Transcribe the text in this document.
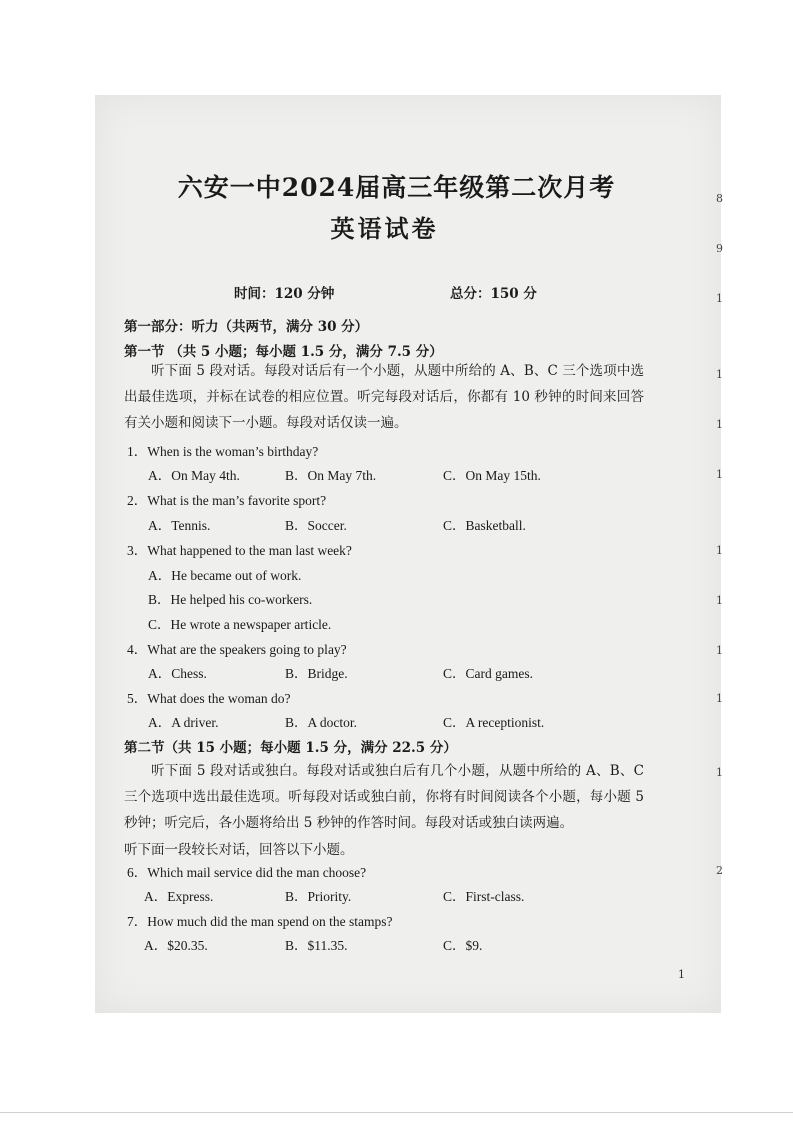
六安一中2024届高三年级第二次月考
英语试卷
时间：120 分钟	总分：150 分
第一部分：听力（共两节，满分 30 分）
第一节 （共 5 小题；每小题 1.5 分，满分 7.5 分）
听下面 5 段对话。每段对话后有一个小题，从题中所给的 A、B、C 三个选项中选出最佳选项，并标在试卷的相应位置。听完每段对话后，你都有 10 秒钟的时间来回答有关小题和阅读下一小题。每段对话仅读一遍。
1．When is the woman’s birthday?
A．On May 4th.	B．On May 7th.	C．On May 15th.
2．What is the man’s favorite sport?
A．Tennis.	B．Soccer.	C．Basketball.
3．What happened to the man last week?
A．He became out of work.
B．He helped his co-workers.
C．He wrote a newspaper article.
4．What are the speakers going to play?
A．Chess.	B．Bridge.	C．Card games.
5．What does the woman do?
A．A driver.	B．A doctor.	C．A receptionist.
第二节（共 15 小题；每小题 1.5 分，满分 22.5 分）
听下面 5 段对话或独白。每段对话或独白后有几个小题，从题中所给的 A、B、C 三个选项中选出最佳选项。听每段对话或独白前，你将有时间阅读各个小题，每小题 5 秒钟；听完后，各小题将给出 5 秒钟的作答时间。每段对话或独白读两遍。
听下面一段较长对话，回答以下小题。
6．Which mail service did the man choose?
A．Express.	B．Priority.	C．First-class.
7．How much did the man spend on the stamps?
A．$20.35.	B．$11.35.	C．$9.
1
8
9
1
1
1
1
1
1
1
1
1
2
